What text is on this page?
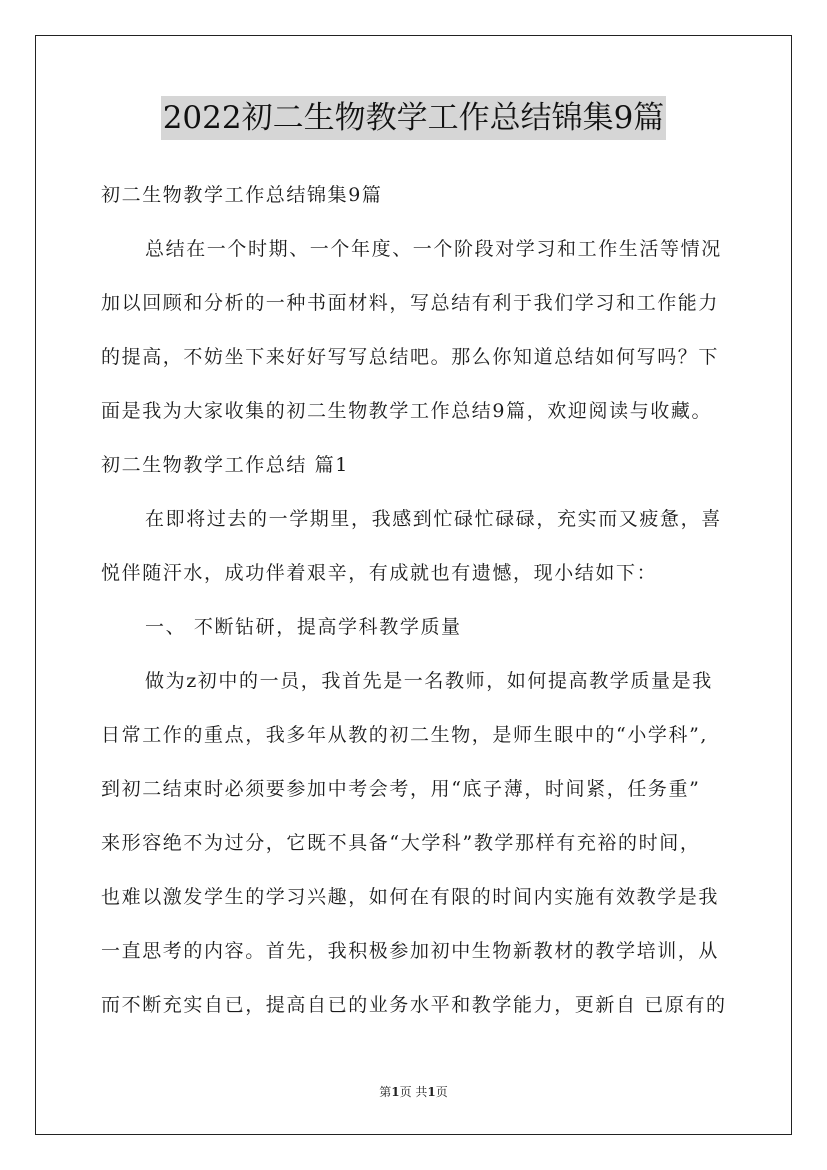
2022初二生物教学工作总结锦集9篇
初二生物教学工作总结锦集9篇
总结在一个时期、一个年度、一个阶段对学习和工作生活等情况
加以回顾和分析的一种书面材料，写总结有利于我们学习和工作能力
的提高，不妨坐下来好好写写总结吧。那么你知道总结如何写吗？下
面是我为大家收集的初二生物教学工作总结9篇，欢迎阅读与收藏。
初二生物教学工作总结 篇1
在即将过去的一学期里，我感到忙碌忙碌碌，充实而又疲惫，喜
悦伴随汗水，成功伴着艰辛，有成就也有遗憾，现小结如下：
一、 不断钻研，提高学科教学质量
做为z初中的一员，我首先是一名教师，如何提高教学质量是我
日常工作的重点，我多年从教的初二生物，是师生眼中的“小学科”,
到初二结束时必须要参加中考会考，用“底子薄，时间紧，任务重”
来形容绝不为过分，它既不具备“大学科”教学那样有充裕的时间，
也难以激发学生的学习兴趣，如何在有限的时间内实施有效教学是我
一直思考的内容。首先，我积极参加初中生物新教材的教学培训，从
而不断充实自已，提高自已的业务水平和教学能力，更新自 已原有的
第1页 共1页
